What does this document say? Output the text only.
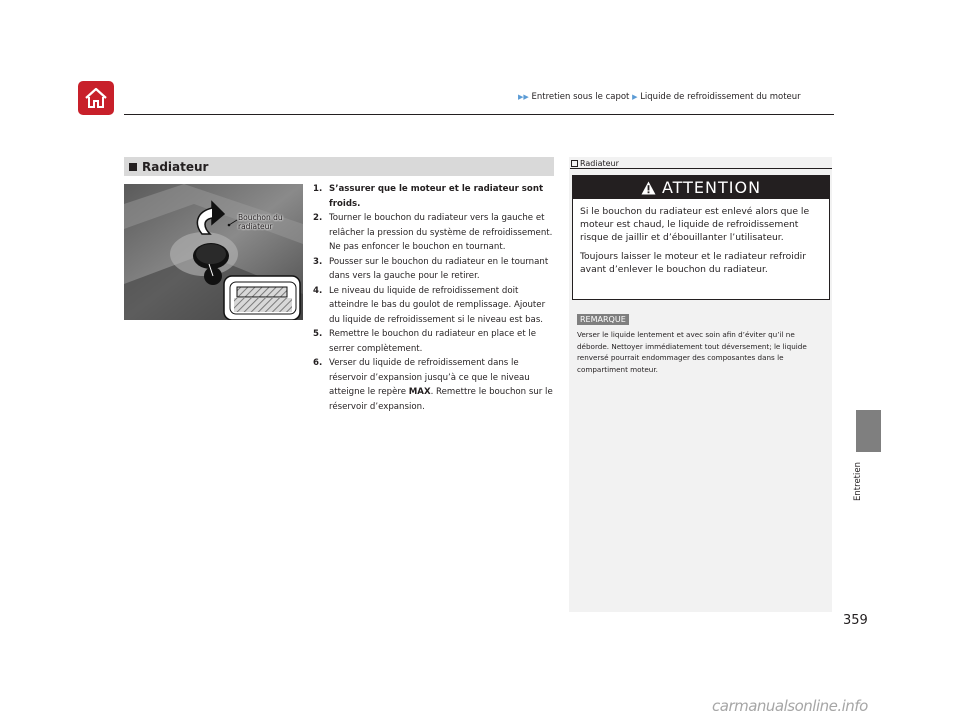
▶▶ Entretien sous le capot ▶ Liquide de refroidissement du moteur
Radiateur
Bouchon du
radiateur
1. S’assurer que le moteur et le radiateur sont froids.
2. Tourner le bouchon du radiateur vers la gauche et relâcher la pression du système de refroidissement. Ne pas enfoncer le bouchon en tournant.
3. Pousser sur le bouchon du radiateur en le tournant dans vers la gauche pour le retirer.
4. Le niveau du liquide de refroidissement doit atteindre le bas du goulot de remplissage. Ajouter du liquide de refroidissement si le niveau est bas.
5. Remettre le bouchon du radiateur en place et le serrer complètement.
6. Verser du liquide de refroidissement dans le réservoir d’expansion jusqu’à ce que le niveau atteigne le repère MAX. Remettre le bouchon sur le réservoir d’expansion.
Radiateur
ATTENTION

Si le bouchon du radiateur est enlevé alors que le moteur est chaud, le liquide de refroidissement risque de jaillir et d’ébouillanter l’utilisateur.

Toujours laisser le moteur et le radiateur refroidir avant d’enlever le bouchon du radiateur.

REMARQUE
Verser le liquide lentement et avec soin afin d’éviter qu’il ne déborde. Nettoyer immédiatement tout déversement; le liquide renversé pourrait endommager des composantes dans le compartiment moteur.
Entretien
359
carmanualsonline.info
